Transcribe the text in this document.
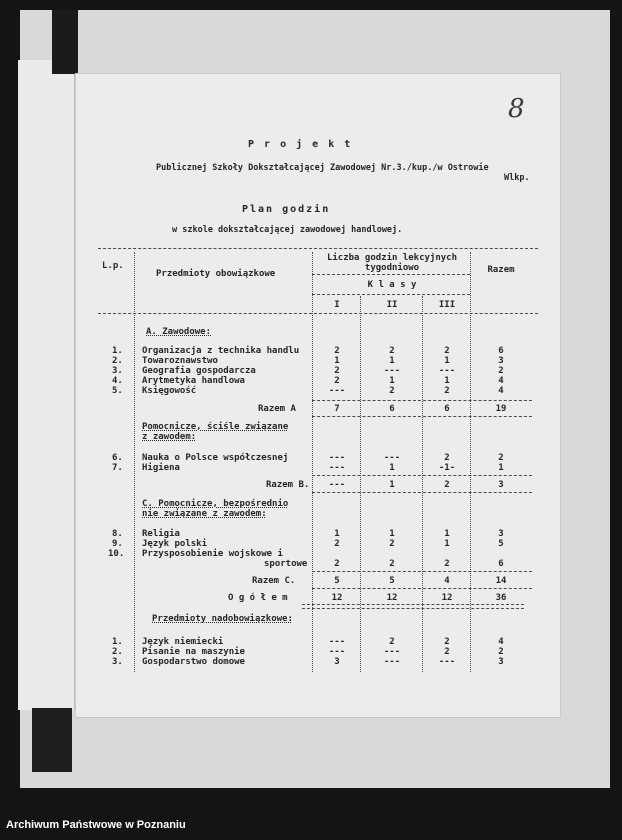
8
P r o j e k t
Publicznej Szkoły Dokształcającej Zawodowej Nr.3./kup./w Ostrowie
Wlkp.
Plan godzin
w szkole dokształcającej zawodowej handlowej.
L.p.
Przedmioty obowiązkowe
Liczba godzin lekcyjnych
tygodniowo
K l a s y
I	II	III
Razem
A. Zawodowe:
1. Organizacja z technika handlu	2	2	2	6
2. Towaroznawstwo	1	1	1	3
3. Geografia gospodarcza	2	---	---	2
4. Arytmetyka handlowa	2	1	1	4
5. Księgowość	---	2	2	4
Razem A	7	6	6	19
Pomocnicze, ściśle związane
z zawodem:
6. Nauka o Polsce współczesnej	---	---	2	2
7. Higiena	---	1	-1-	1
Razem B.	---	1	2	3
C. Pomocnicze, bezpośrednio
nie związane z zawodem:
8. Religia	1	1	1	3
9. Język polski	2	2	1	5
10. Przysposobienie wojskowe i
sportowe	2	2	2	6
Razem C.	5	5	4	14
O g ó ł e m	12	12	12	36
Przedmioty nadobowiązkowe:
1. Język niemiecki	---	2	2	4
2. Pisanie na maszynie	---	---	2	2
3. Gospodarstwo domowe	3	---	---	3
Archiwum Państwowe w Poznaniu
